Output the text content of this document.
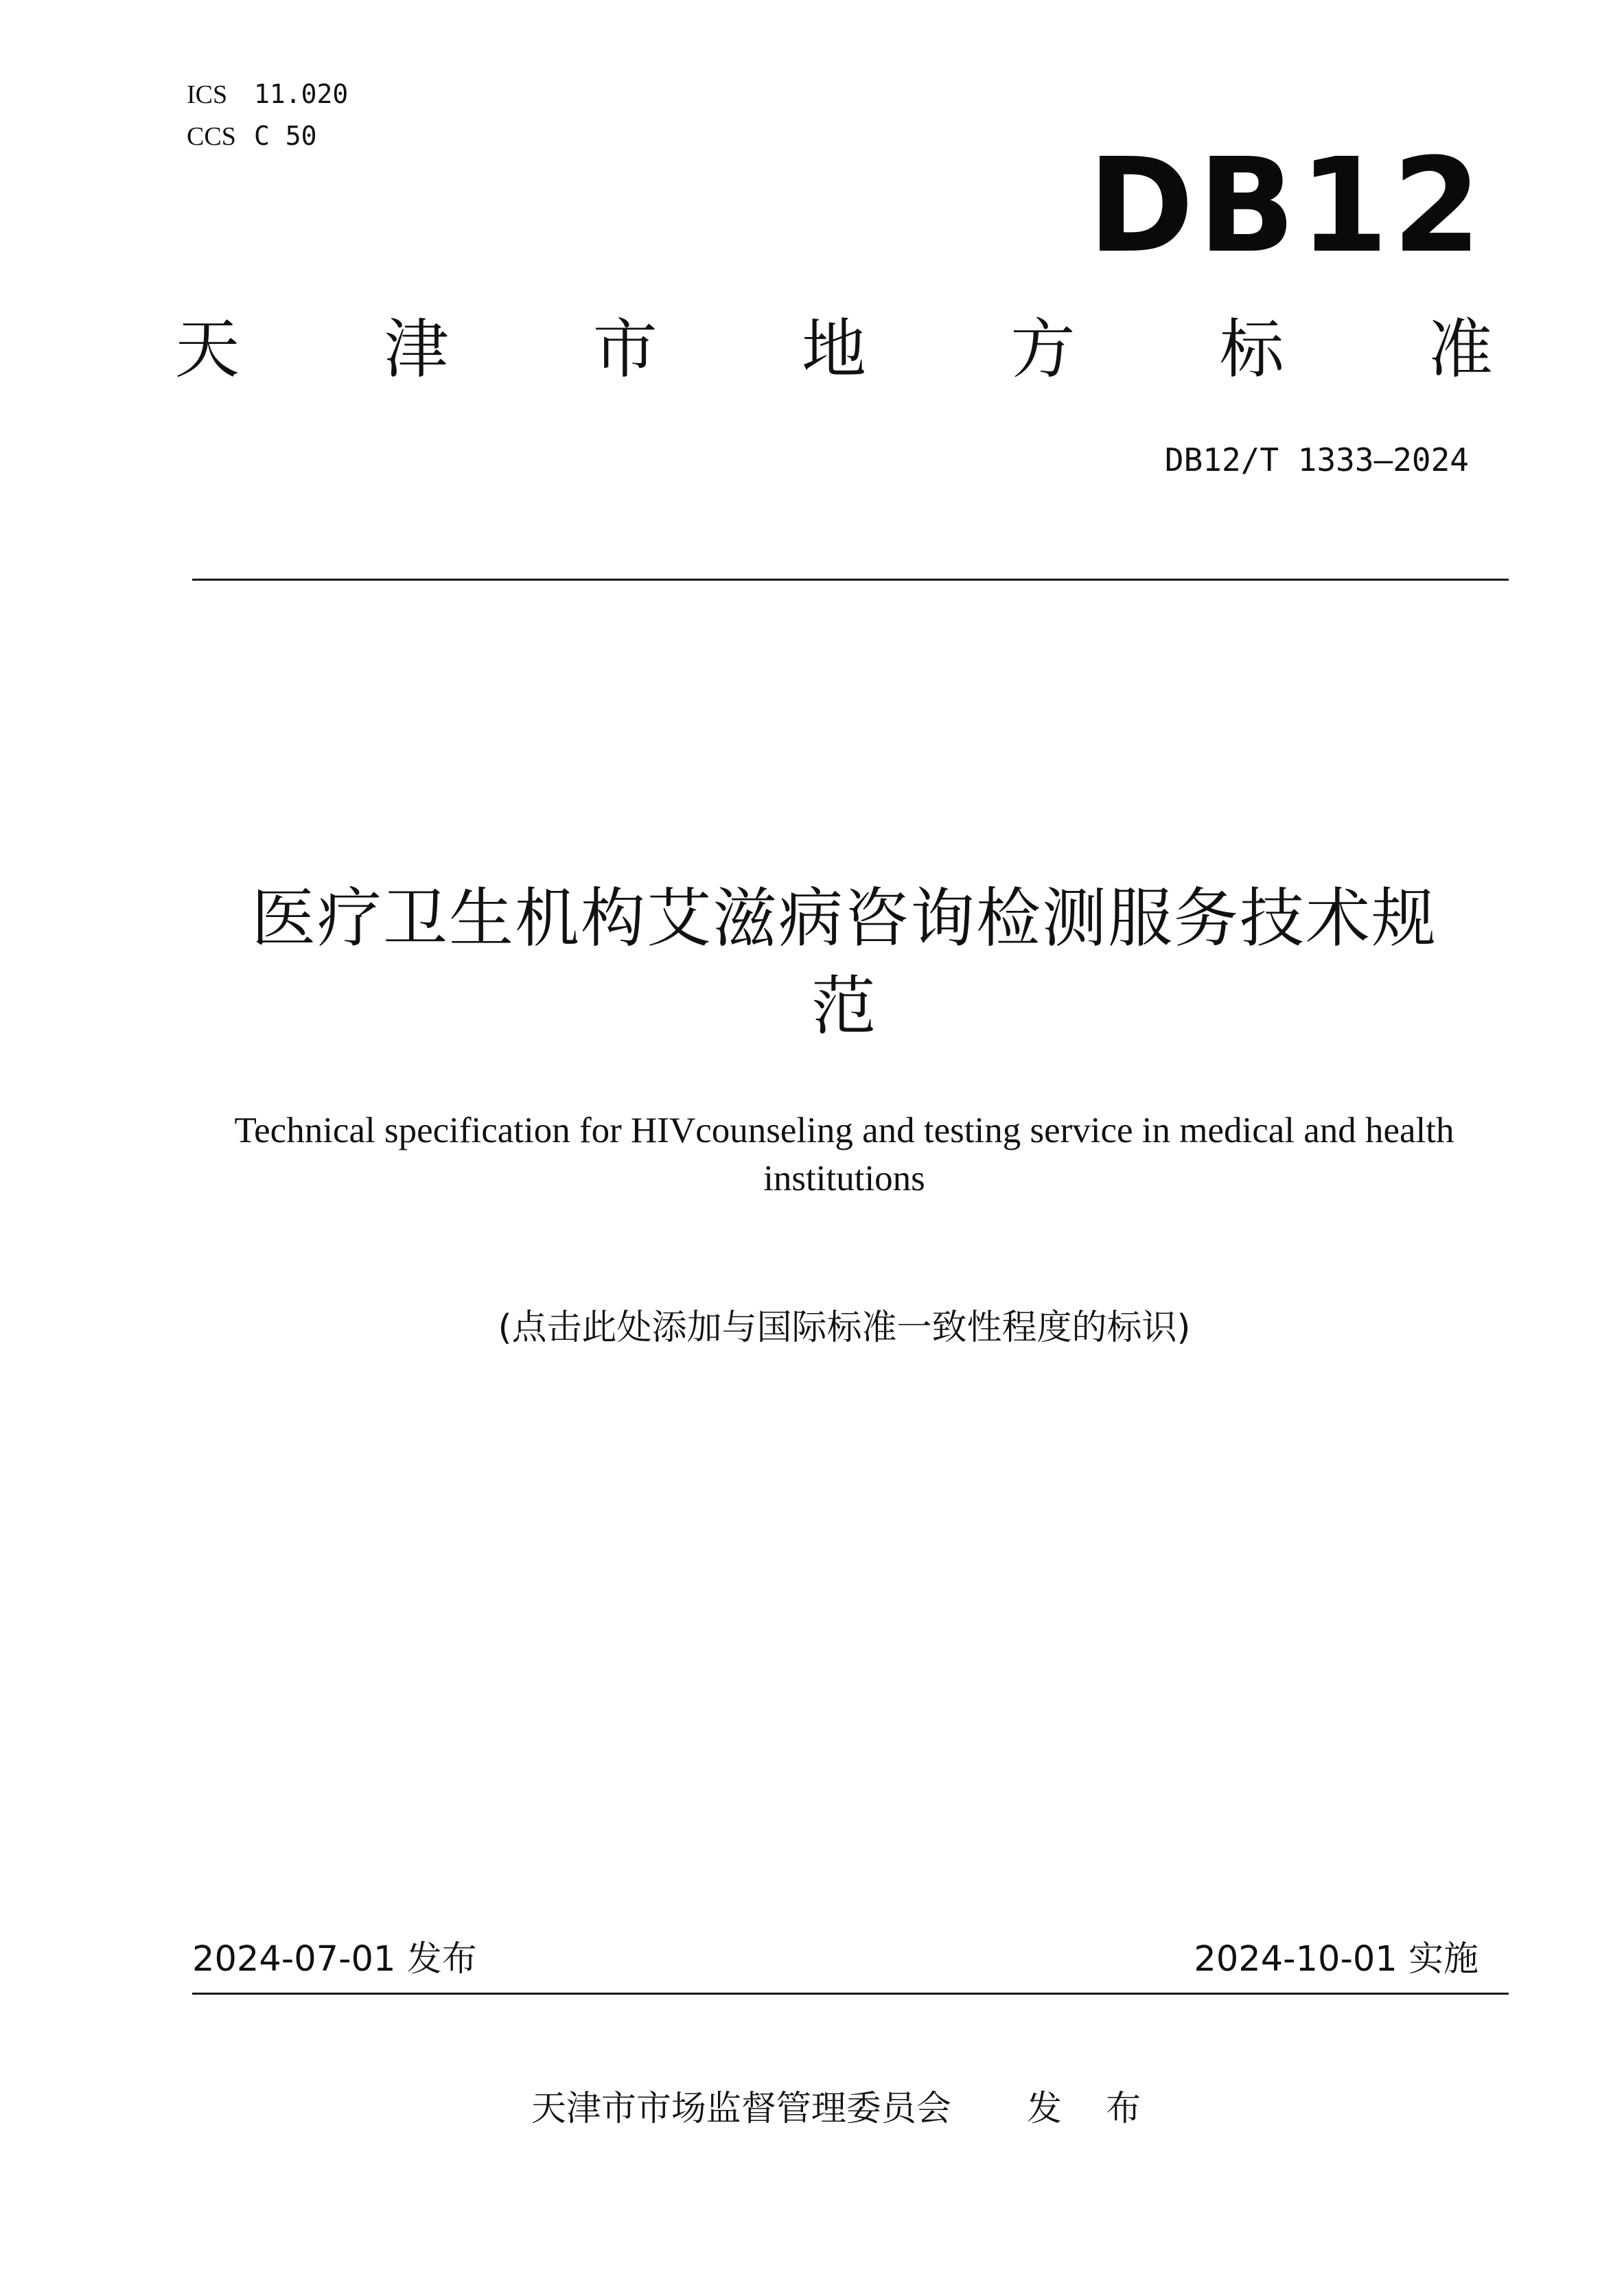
ICS 11.020
CCS C 50	DB12
天 津 市 地 方 标 准
DB12/T 1333—2024
医疗卫生机构艾滋病咨询检测服务技术规
范
Technical specification for HIVcounseling and testing service in medical and health
institutions
(点击此处添加与国际标准一致性程度的标识)
2024-07-01 发布	2024-10-01 实施
天津市市场监督管理委员会 发 布
